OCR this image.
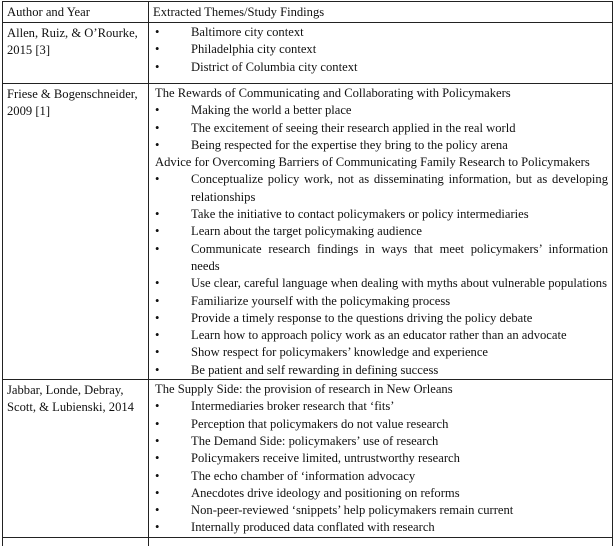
Author and Year	Extracted Themes/Study Findings

Allen, Ruiz, & O’Rourke, 2015 [3]

•	Baltimore city context
•	Philadelphia city context
•	District of Columbia city context

Friese & Bogenschneider, 2009 [1]

The Rewards of Communicating and Collaborating with Policymakers
•	Making the world a better place
•	The excitement of seeing their research applied in the real world
•	Being respected for the expertise they bring to the policy arena
Advice for Overcoming Barriers of Communicating Family Research to Policymakers
•	Conceptualize policy work, not as disseminating information, but as developing relationships
•	Take the initiative to contact policymakers or policy intermediaries
•	Learn about the target policymaking audience
•	Communicate research findings in ways that meet policymakers’ information needs
•	Use clear, careful language when dealing with myths about vulnerable populations
•	Familiarize yourself with the policymaking process
•	Provide a timely response to the questions driving the policy debate
•	Learn how to approach policy work as an educator rather than an advocate
•	Show respect for policymakers’ knowledge and experience
•	Be patient and self rewarding in defining success

Jabbar, Londe, Debray, Scott, & Lubienski, 2014

The Supply Side: the provision of research in New Orleans
•	Intermediaries broker research that ‘fits’
•	Perception that policymakers do not value research
•	The Demand Side: policymakers’ use of research
•	Policymakers receive limited, untrustworthy research
•	The echo chamber of ‘information advocacy
•	Anecdotes drive ideology and positioning on reforms
•	Non-peer-reviewed ‘snippets’ help policymakers remain current
•	Internally produced data conflated with research
